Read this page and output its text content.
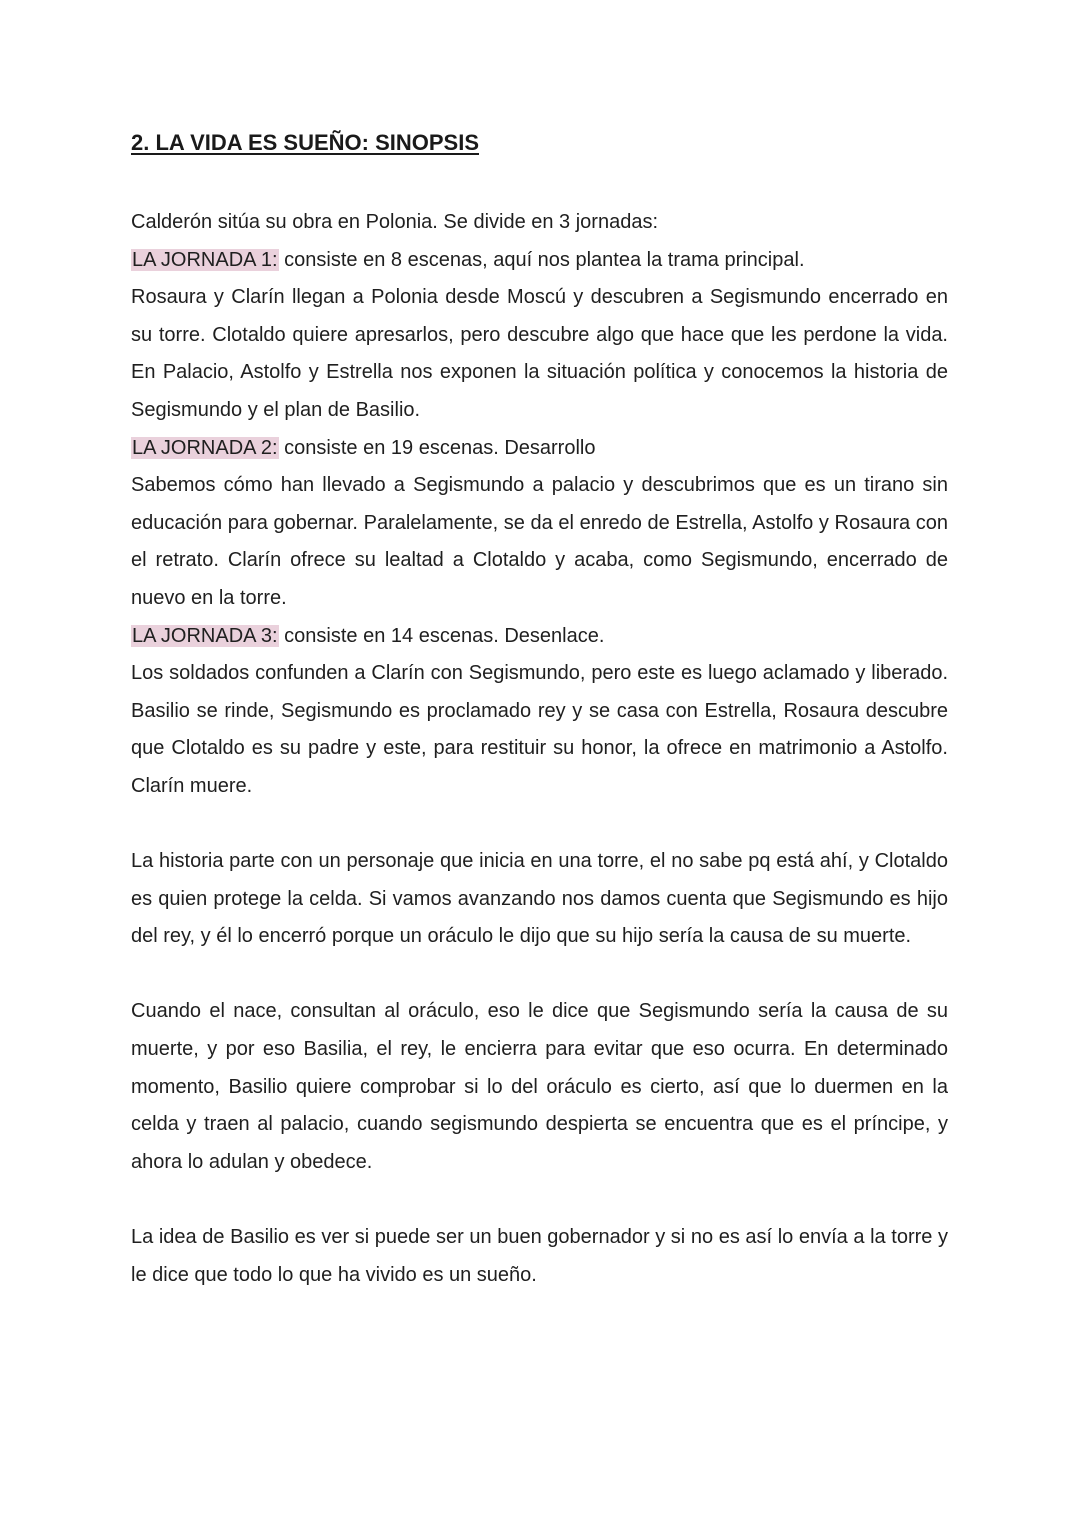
2. LA VIDA ES SUEÑO: SINOPSIS

Calderón sitúa su obra en Polonia. Se divide en 3 jornadas:

LA JORNADA 1: consiste en 8 escenas, aquí nos plantea la trama principal.

Rosaura y Clarín llegan a Polonia desde Moscú y descubren a Segismundo encerrado en su torre. Clotaldo quiere apresarlos, pero descubre algo que hace que les perdone la vida. En Palacio, Astolfo y Estrella nos exponen la situación política y conocemos la historia de Segismundo y el plan de Basilio.

LA JORNADA 2: consiste en 19 escenas. Desarrollo

Sabemos cómo han llevado a Segismundo a palacio y descubrimos que es un tirano sin educación para gobernar. Paralelamente, se da el enredo de Estrella, Astolfo y Rosaura con el retrato. Clarín ofrece su lealtad a Clotaldo y acaba, como Segismundo, encerrado de nuevo en la torre.

LA JORNADA 3: consiste en 14 escenas. Desenlace.

Los soldados confunden a Clarín con Segismundo, pero este es luego aclamado y liberado. Basilio se rinde, Segismundo es proclamado rey y se casa con Estrella, Rosaura descubre que Clotaldo es su padre y este, para restituir su honor, la ofrece en matrimonio a Astolfo. Clarín muere.

La historia parte con un personaje que inicia en una torre, el no sabe pq está ahí, y Clotaldo es quien protege la celda. Si vamos avanzando nos damos cuenta que Segismundo es hijo del rey, y él lo encerró porque un oráculo le dijo que su hijo sería la causa de su muerte.

Cuando el nace, consultan al oráculo, eso le dice que Segismundo sería la causa de su muerte, y por eso Basilia, el rey, le encierra para evitar que eso ocurra. En determinado momento, Basilio quiere comprobar si lo del oráculo es cierto, así que lo duermen en la celda y traen al palacio, cuando segismundo despierta se encuentra que es el príncipe, y ahora lo adulan y obedece.

La idea de Basilio es ver si puede ser un buen gobernador y si no es así lo envía a la torre y le dice que todo lo que ha vivido es un sueño.
